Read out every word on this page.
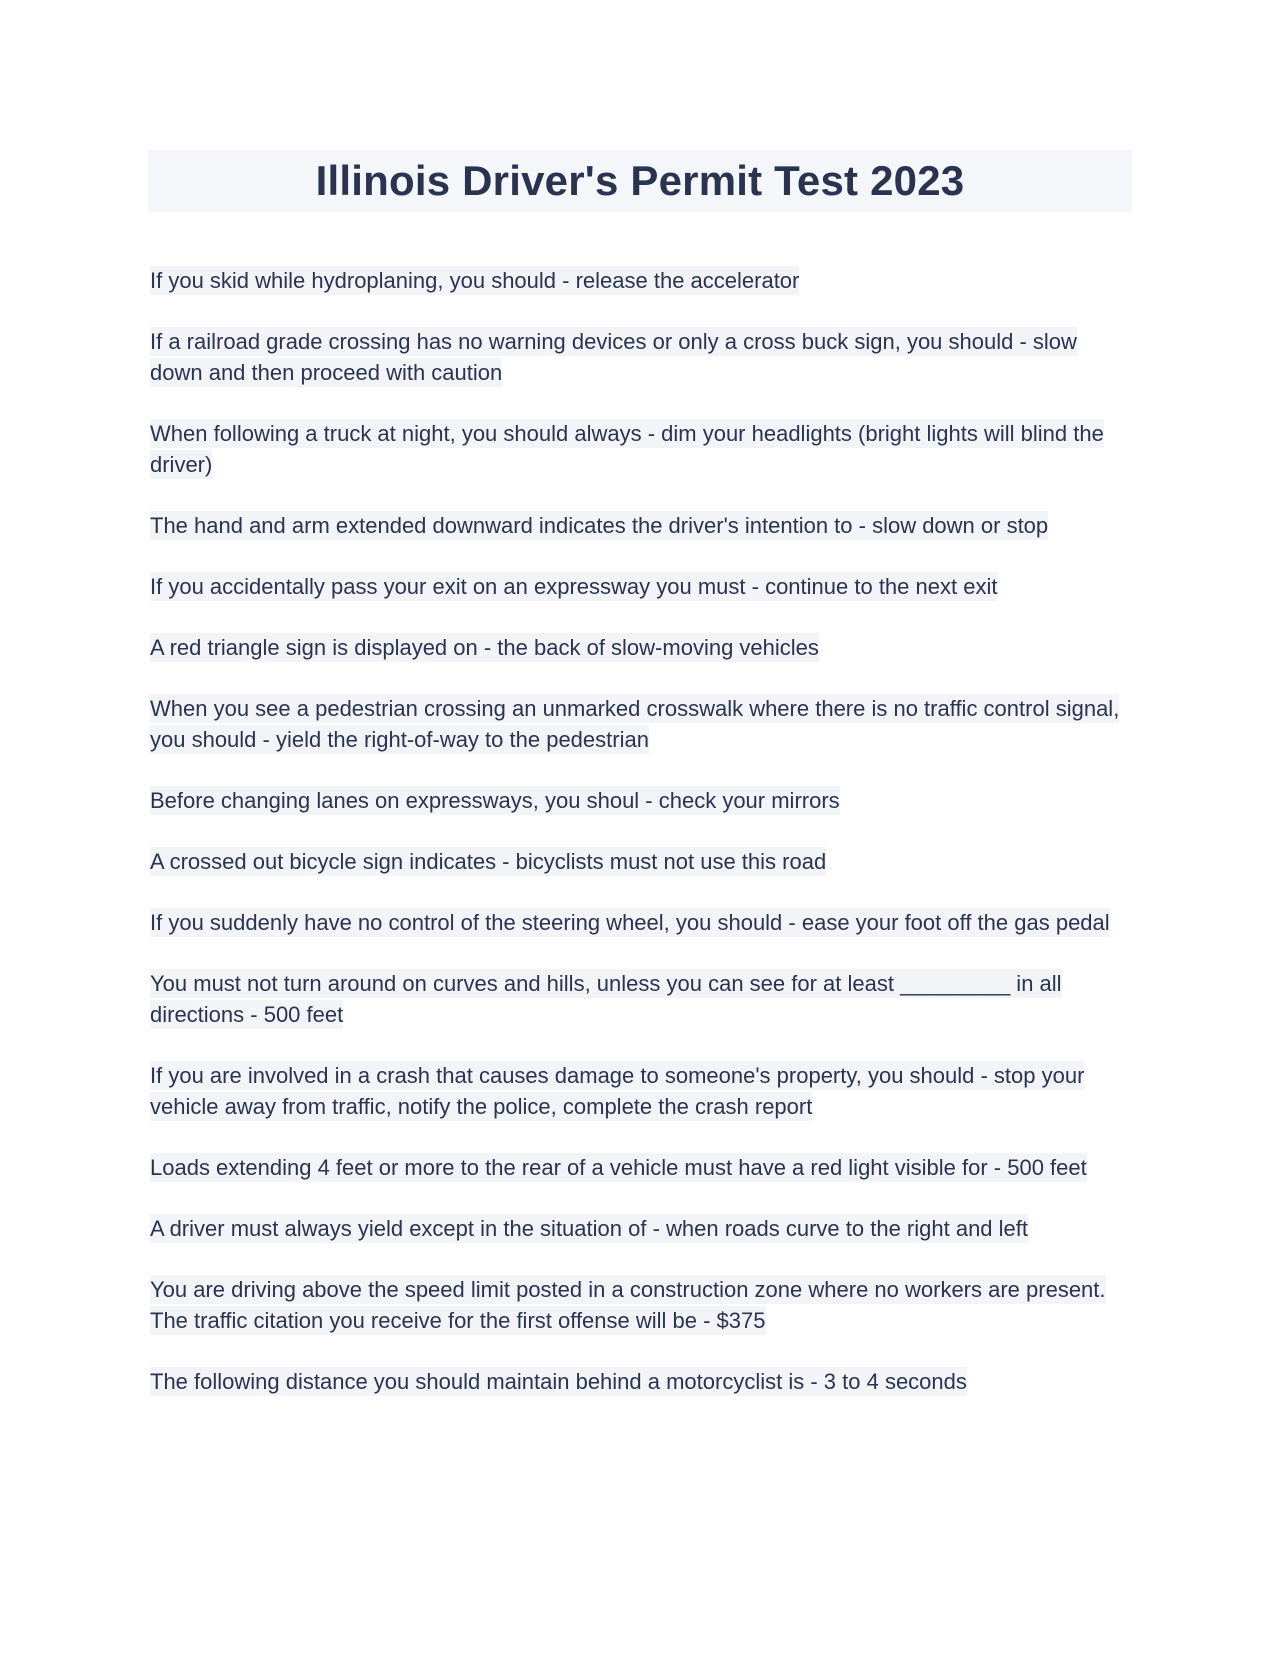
Illinois Driver's Permit Test 2023

If you skid while hydroplaning, you should - release the accelerator

If a railroad grade crossing has no warning devices or only a cross buck sign, you should - slow down and then proceed with caution

When following a truck at night, you should always - dim your headlights (bright lights will blind the driver)

The hand and arm extended downward indicates the driver's intention to - slow down or stop

If you accidentally pass your exit on an expressway you must - continue to the next exit

A red triangle sign is displayed on - the back of slow-moving vehicles

When you see a pedestrian crossing an unmarked crosswalk where there is no traffic control signal, you should - yield the right-of-way to the pedestrian

Before changing lanes on expressways, you shoul - check your mirrors

A crossed out bicycle sign indicates - bicyclists must not use this road

If you suddenly have no control of the steering wheel, you should - ease your foot off the gas pedal

You must not turn around on curves and hills, unless you can see for at least _________ in all directions - 500 feet

If you are involved in a crash that causes damage to someone's property, you should - stop your vehicle away from traffic, notify the police, complete the crash report

Loads extending 4 feet or more to the rear of a vehicle must have a red light visible for - 500 feet

A driver must always yield except in the situation of - when roads curve to the right and left

You are driving above the speed limit posted in a construction zone where no workers are present. The traffic citation you receive for the first offense will be - $375

The following distance you should maintain behind a motorcyclist is - 3 to 4 seconds
